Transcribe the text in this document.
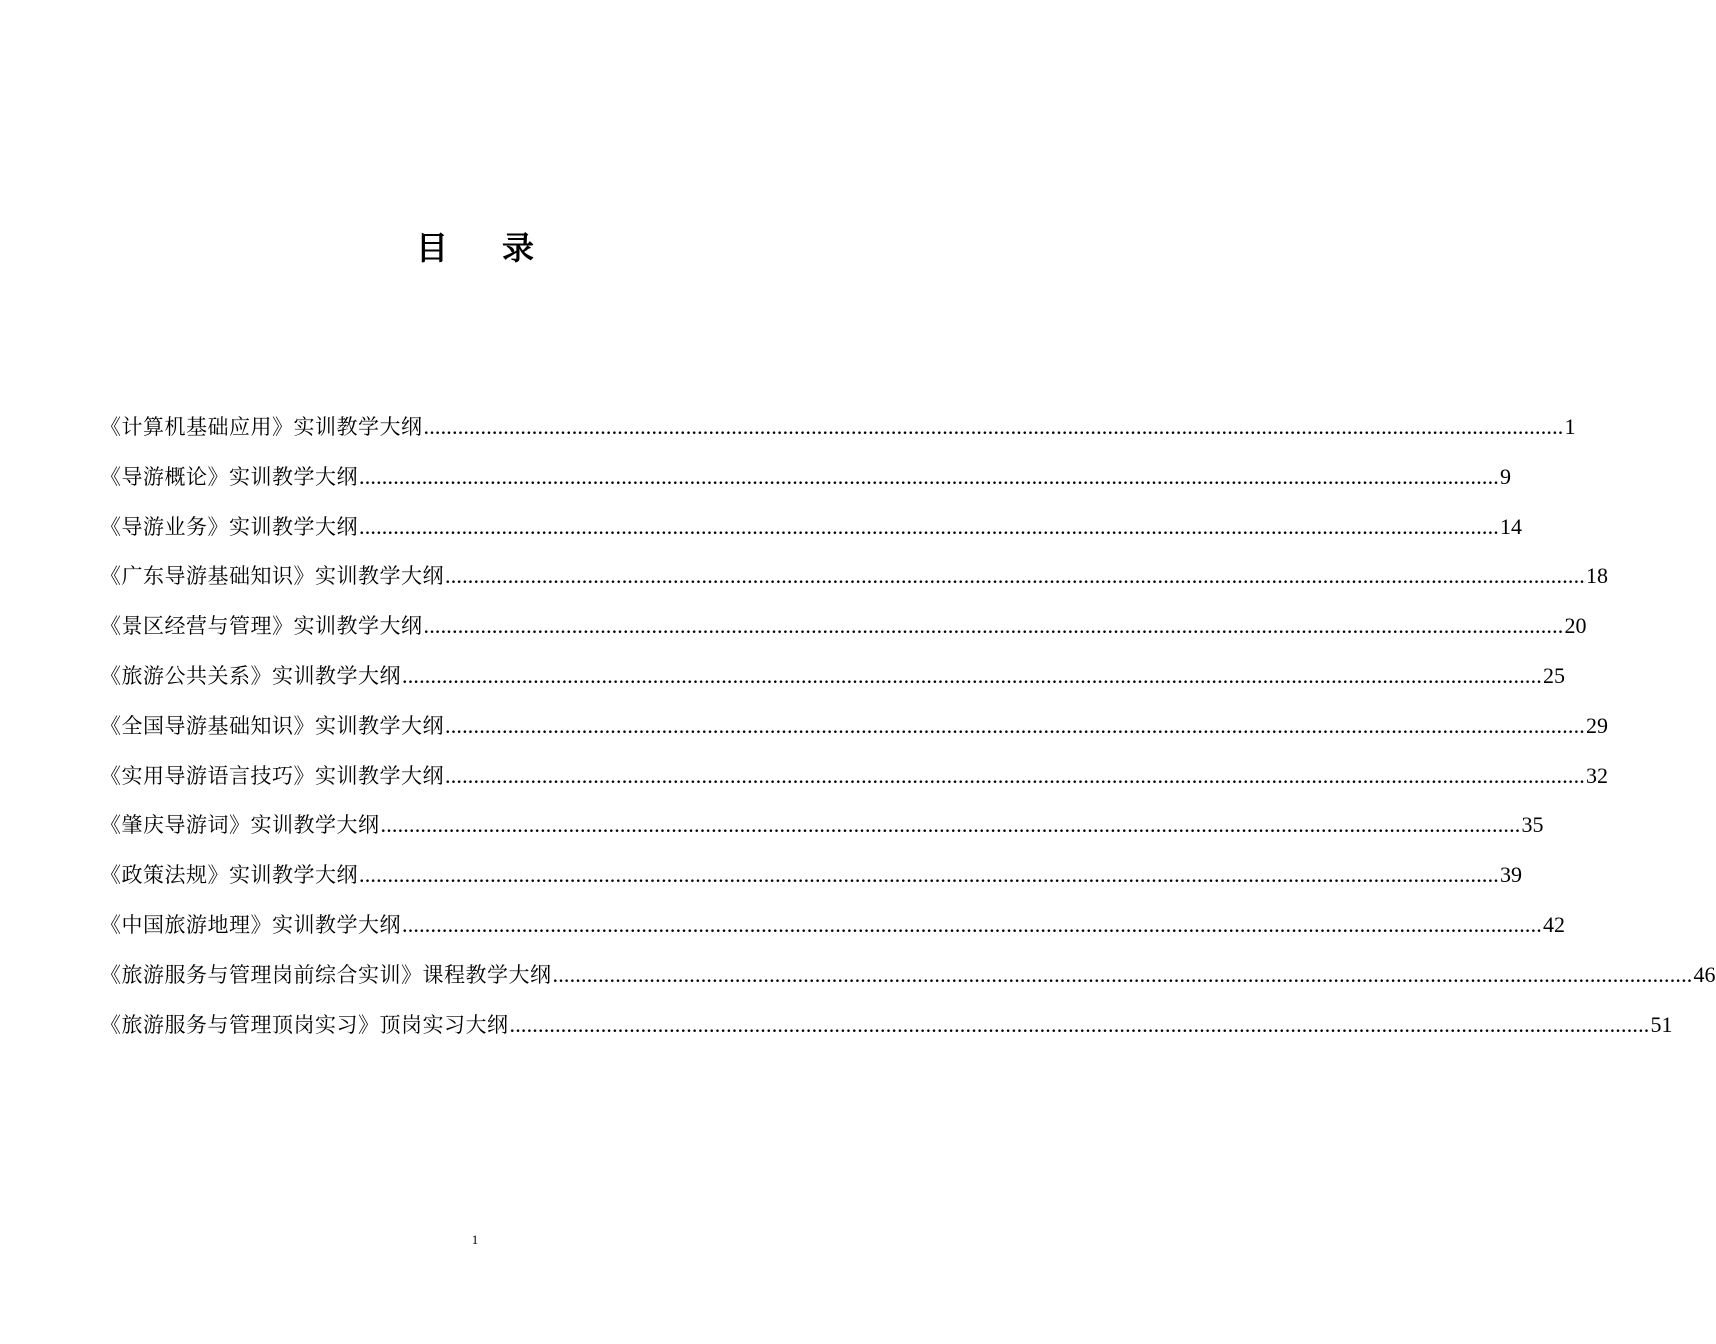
目 录
《计算机基础应用》实训教学大纲 ........................................................................................................................................................................................................ 1
《导游概论》实训教学大纲 ........................................................................................................................................................................................................ 9
《导游业务》实训教学大纲 ........................................................................................................................................................................................................ 14
《广东导游基础知识》实训教学大纲 ........................................................................................................................................................................................................ 18
《景区经营与管理》实训教学大纲 ........................................................................................................................................................................................................ 20
《旅游公共关系》实训教学大纲 ........................................................................................................................................................................................................ 25
《全国导游基础知识》实训教学大纲 ........................................................................................................................................................................................................ 29
《实用导游语言技巧》实训教学大纲 ........................................................................................................................................................................................................ 32
《肇庆导游词》实训教学大纲 ........................................................................................................................................................................................................ 35
《政策法规》实训教学大纲 ........................................................................................................................................................................................................ 39
《中国旅游地理》实训教学大纲 ........................................................................................................................................................................................................ 42
《旅游服务与管理岗前综合实训》课程教学大纲 ........................................................................................................................................................................................................ 46
《旅游服务与管理顶岗实习》顶岗实习大纲 ........................................................................................................................................................................................................ 51
1
